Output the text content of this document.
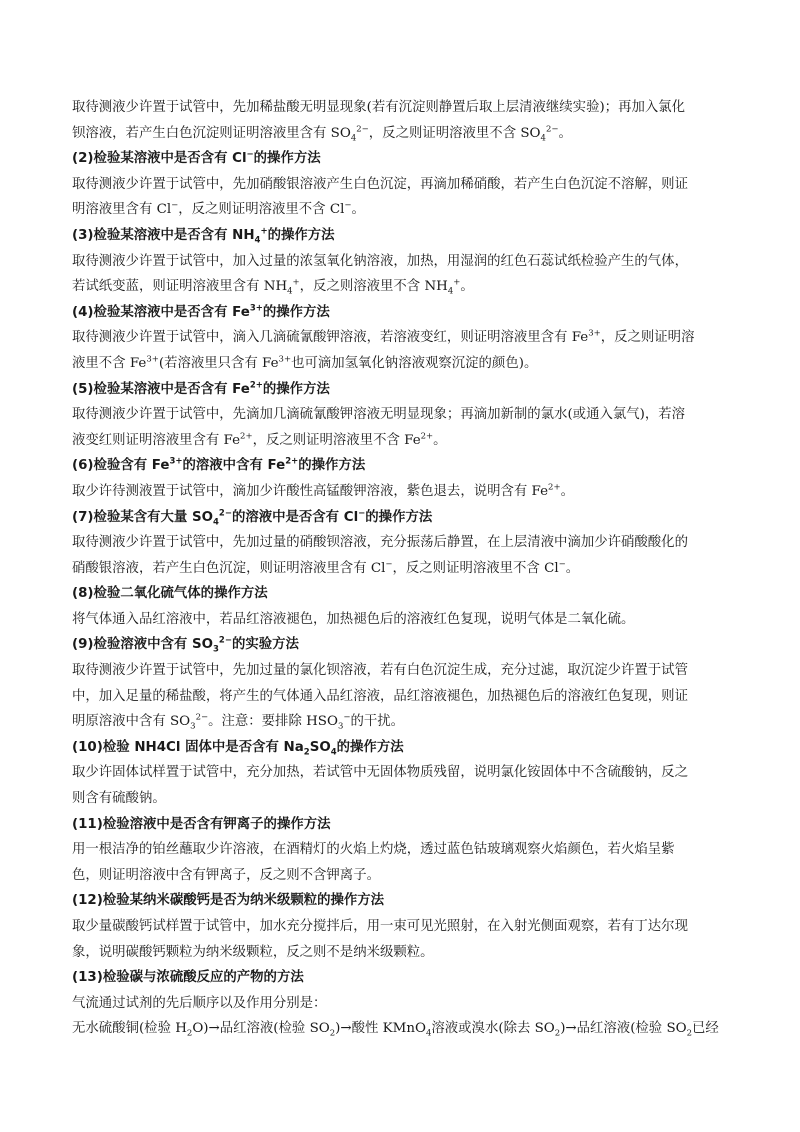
取待测液少许置于试管中，先加稀盐酸无明显现象(若有沉淀则静置后取上层清液继续实验)；再加入氯化

钡溶液，若产生白色沉淀则证明溶液里含有 $SO_4^{2-}$，反之则证明溶液里不含 $SO_4^{2-}$。

(2)检验某溶液中是否含有 Cl−的操作方法

取待测液少许置于试管中，先加硝酸银溶液产生白色沉淀，再滴加稀硝酸，若产生白色沉淀不溶解，则证

明溶液里含有 Cl−，反之则证明溶液里不含 Cl−。

(3)检验某溶液中是否含有 $NH_4^+$的操作方法

取待测液少许置于试管中，加入过量的浓氢氧化钠溶液，加热，用湿润的红色石蕊试纸检验产生的气体，

若试纸变蓝，则证明溶液里含有 $NH_4^+$，反之则溶液里不含 $NH_4^+$。

(4)检验某溶液中是否含有 $Fe^{3+}$的操作方法

取待测液少许置于试管中，滴入几滴硫氰酸钾溶液，若溶液变红，则证明溶液里含有 $Fe^{3+}$，反之则证明溶

液里不含 $Fe^{3+}$(若溶液里只含有 $Fe^{3+}$也可滴加氢氧化钠溶液观察沉淀的颜色)。

(5)检验某溶液中是否含有 $Fe^{2+}$的操作方法

取待测液少许置于试管中，先滴加几滴硫氰酸钾溶液无明显现象；再滴加新制的氯水(或通入氯气)，若溶

液变红则证明溶液里含有 $Fe^{2+}$，反之则证明溶液里不含 $Fe^{2+}$。

(6)检验含有 $Fe^{3+}$的溶液中含有 $Fe^{2+}$的操作方法

取少许待测液置于试管中，滴加少许酸性高锰酸钾溶液，紫色退去，说明含有 $Fe^{2+}$。

(7)检验某含有大量 $SO_4^{2-}$的溶液中是否含有 Cl−的操作方法

取待测液少许置于试管中，先加过量的硝酸钡溶液，充分振荡后静置，在上层清液中滴加少许硝酸酸化的

硝酸银溶液，若产生白色沉淀，则证明溶液里含有 Cl−，反之则证明溶液里不含 Cl−。

(8)检验二氧化硫气体的操作方法

将气体通入品红溶液中，若品红溶液褪色，加热褪色后的溶液红色复现，说明气体是二氧化硫。

(9)检验溶液中含有 $SO_3^{2-}$的实验方法

取待测液少许置于试管中，先加过量的氯化钡溶液，若有白色沉淀生成，充分过滤，取沉淀少许置于试管

中，加入足量的稀盐酸，将产生的气体通入品红溶液，品红溶液褪色，加热褪色后的溶液红色复现，则证

明原溶液中含有 $SO_3^{2-}$。注意：要排除 $HSO_3^-$的干扰。

(10)检验 NH4Cl 固体中是否含有 $Na_2SO_4$的操作方法

取少许固体试样置于试管中，充分加热，若试管中无固体物质残留，说明氯化铵固体中不含硫酸钠，反之

则含有硫酸钠。

(11)检验溶液中是否含有钾离子的操作方法

用一根洁净的铂丝蘸取少许溶液，在酒精灯的火焰上灼烧，透过蓝色钴玻璃观察火焰颜色，若火焰呈紫

色，则证明溶液中含有钾离子，反之则不含钾离子。

(12)检验某纳米碳酸钙是否为纳米级颗粒的操作方法

取少量碳酸钙试样置于试管中，加水充分搅拌后，用一束可见光照射，在入射光侧面观察，若有丁达尔现

象，说明碳酸钙颗粒为纳米级颗粒，反之则不是纳米级颗粒。

(13)检验碳与浓硫酸反应的产物的方法

气流通过试剂的先后顺序以及作用分别是：

无水硫酸铜(检验 $H_2O)\to$品红溶液(检验 $SO_2)\to$酸性 KMnO$_4$溶液或溴水(除去 $SO_2)\to$品红溶液(检验 $SO_2$已经
